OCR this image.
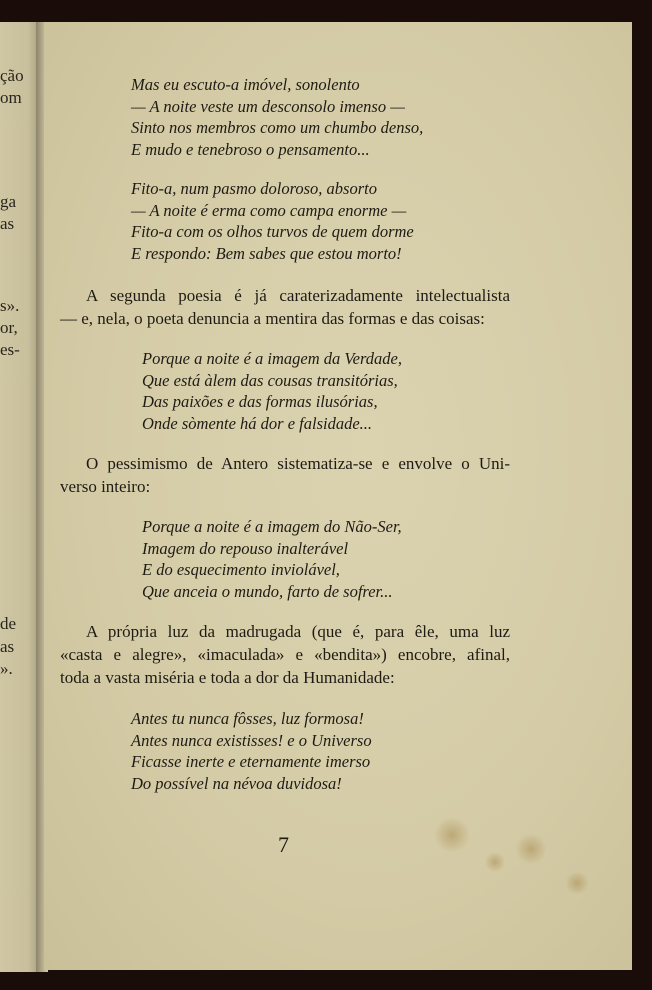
ção
om
ga
as
s».
or,
es-
de
as
».
Mas eu escuto-a imóvel, sonolento
— A noite veste um desconsolo imenso —
Sinto nos membros como um chumbo denso,
E mudo e tenebroso o pensamento...
Fito-a, num pasmo doloroso, absorto
— A noite é erma como campa enorme —
Fito-a com os olhos turvos de quem dorme
E respondo: Bem sabes que estou morto!
A segunda poesia é já caraterizadamente intelectualista
— e, nela, o poeta denuncia a mentira das formas e das coisas:
Porque a noite é a imagem da Verdade,
Que está àlem das cousas transitórias,
Das paixões e das formas ilusórias,
Onde sòmente há dor e falsidade...
O pessimismo de Antero sistematiza-se e envolve o Uni-
verso inteiro:
Porque a noite é a imagem do Não-Ser,
Imagem do repouso inalterável
E do esquecimento inviolável,
Que anceia o mundo, farto de sofrer...
A própria luz da madrugada (que é, para êle, uma luz
«casta e alegre», «imaculada» e «bendita») encobre, afinal,
toda a vasta miséria e toda a dor da Humanidade:
Antes tu nunca fôsses, luz formosa!
Antes nunca existisses! e o Universo
Ficasse inerte e eternamente imerso
Do possível na névoa duvidosa!
7
